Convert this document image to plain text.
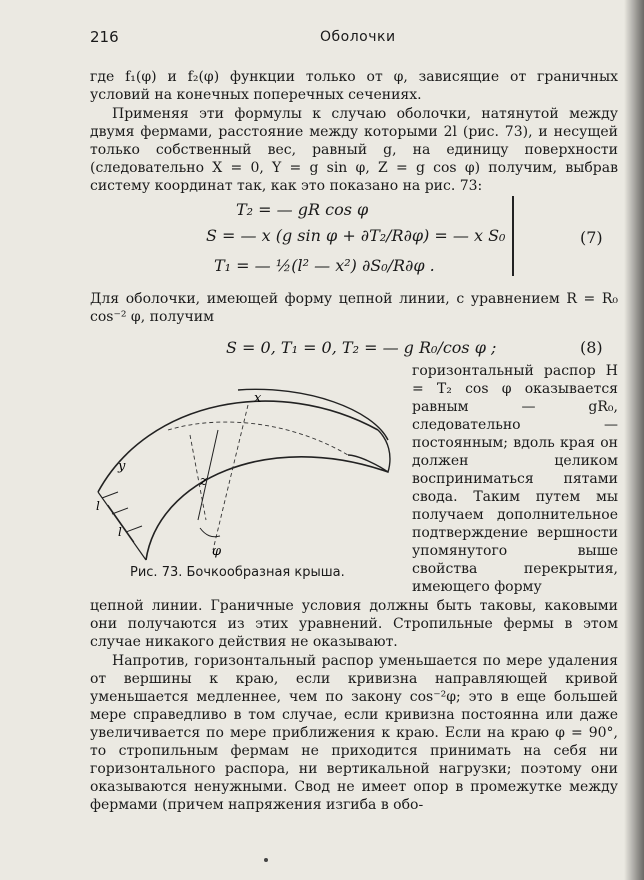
216	Оболочки

где f₁(φ) и f₂(φ) функции только от φ, зависящие от граничных условий на конечных поперечных сечениях.

Применяя эти формулы к случаю оболочки, натянутой между двумя фермами, расстояние между которыми 2l (рис. 73), и несущей только собственный вес, равный g, на единицу поверхности (следовательно X = 0, Y = g sin φ, Z = g cos φ) получим, выбрав систему координат так, как это показано на рис. 73:

T₂ = — gR cos φ
S = — x (g sin φ + ∂T₂/R∂φ) = — x S₀
T₁ = — ½(l² — x²) ∂S₀/R∂φ .
(7)

Для оболочки, имеющей форму цепной линии, с уравнением R = R₀ cos⁻² φ, получим

S = 0, T₁ = 0, T₂ = — g R₀/cos φ ;	(8)

горизонтальный распор H = T₂ cos φ оказывается равным — gR₀, следовательно — постоянным; вдоль края он должен целиком восприниматься пятами свода. Таким путем мы получаем дополнительное подтверждение вершности упомянутого выше свойства перекрытия, имеющего форму

x
y
z
φ
l
l
Рис. 73. Бочкообразная крыша.

цепной линии. Граничные условия должны быть таковы, каковыми они получаются из этих уравнений. Стропильные фермы в этом случае никакого действия не оказывают.

Напротив, горизонтальный распор уменьшается по мере удаления от вершины к краю, если кривизна направляющей кривой уменьшается медленнее, чем по закону cos⁻²φ; это в еще большей мере справедливо в том случае, если кривизна постоянна или даже увеличивается по мере приближения к краю. Если на краю φ = 90°, то стропильным фермам не приходится принимать на себя ни горизонтального распора, ни вертикальной нагрузки; поэтому они оказываются ненужными. Свод не имеет опор в промежутке между фермами (причем напряжения изгиба в обо-
